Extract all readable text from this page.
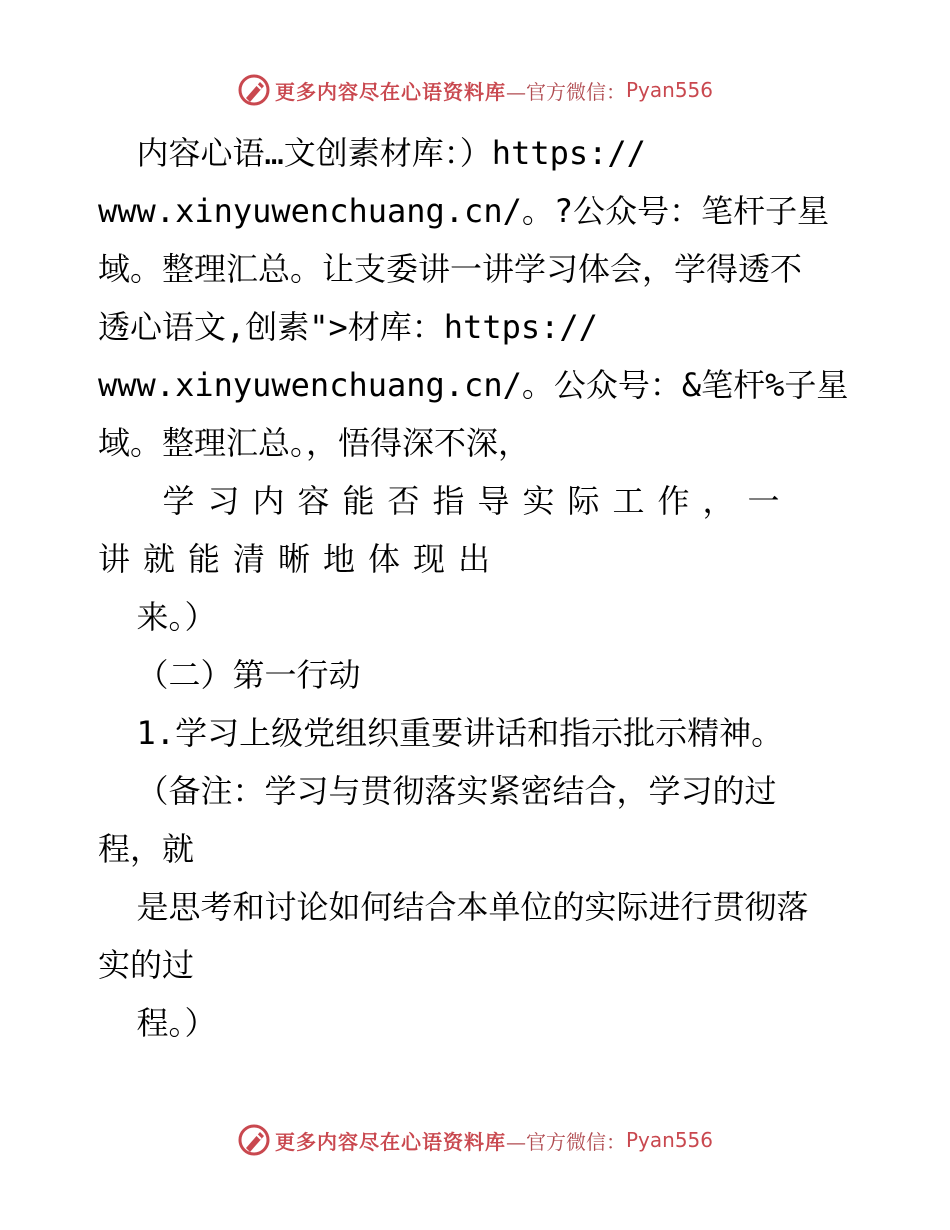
更多内容尽在心语资料库 —官方微信： Pyan556
内容心语…文创素材库：）https://
www.xinyuwenchuang.cn/。?公众号：笔杆子星
域。整理汇总。让支委讲一讲学习体会，学得透不
透心语文,创素">材库：https://
www.xinyuwenchuang.cn/。公众号：&笔杆%子星
域。整理汇总。，悟得深不深，
学习内容能否指导实际工作，一
讲就能清晰地体现出
来。）
（二）第一行动
1.学习上级党组织重要讲话和指示批示精神。
（备注：学习与贯彻落实紧密结合，学习的过
程，就
是思考和讨论如何结合本单位的实际进行贯彻落
实的过
程。）
更多内容尽在心语资料库 —官方微信： Pyan556
